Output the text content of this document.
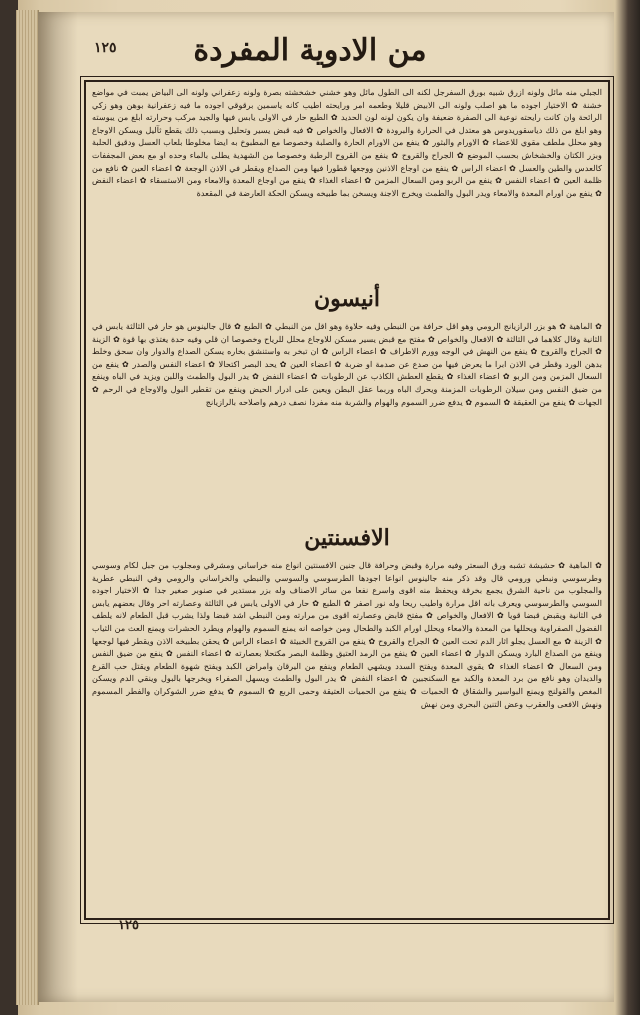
١٢٥	من الادوية المفردة

الجبلي منه مائل ولونه ازرق شبيه بورق السفرجل لكنه الى الطول مائل وهو خشني خشخشته بصرة ولونه زعفراني ولونه الى البياض يمبت في مواضع خشنة ✿ الاختيار اجوده ما هو اصلب ولونه الى الابيض قليلا وطعمه امر ورايحته اطيب كانه ياسمين برقوقي اجوده ما فيه زعفرانية بوهن وهو زكي الرائحة وان كانت رايحته نوعية الى الصفرة ضعيفة وان يكون لونه لون الحديد ✿ الطبع حار في الاولى يابس فيها والجيد مركب وحرارته ابلغ من يبوسته وهو ابلغ من ذلك دياسقوريدوس هو معتدل في الحرارة والبرودة ✿ الافعال والخواص ✿ فيه قبض يسير وتحليل وبسبب ذلك يقطع ثآليل ويسكن الاوجاع وهو محلل ملطف مقوي للاعضاء ✿ الاورام والبثور ✿ ينفع من الاورام الحارة والصلبة وخصوصا مع المطبوخ به ايضا مخلوطا بلعاب العسل ودقيق الحلبة وبزر الكتان والخشخاش بحسب الموضع ✿ الجراح والقروح ✿ ينفع من القروح الرطبة وخصوصا من الشهدية يطلى بالماء وحده او مع بعض المجففات كالعدس والطين والعسل ✿ اعضاء الراس ✿ ينفع من اوجاع الاذنين ووجعها قطورا فيها ومن الصداع ويقطر في الاذن الوجعة ✿ اعضاء العين ✿ نافع من ظلمة العين ✿ اعضاء النفس ✿ ينفع من الربو ومن السعال المزمن ✿ اعضاء الغذاء ✿ ينفع من اوجاع المعدة والامعاء ومن الاستسقاء ✿ اعضاء النفض ✿ ينفع من اورام المعدة والامعاء ويدر البول والطمث ويخرج الاجنة ويسخن بما طبيخه ويسكن الحكة العارضة في المقعدة

أنيسون

✿ الماهية ✿ هو بزر الرازيانج الرومي وهو اقل حرافة من النبطي وفيه حلاوة وهو اقل من النبطي ✿ الطبع ✿ قال جالينوس هو حار في الثالثة يابس في الثانية وقال كلاهما في الثالثة ✿ الافعال والخواص ✿ مفتح مع قبض يسير مسكن للاوجاع محلل للرياح وخصوصا ان قلي وفيه حدة يغتذي بها قوة ✿ الزينة ✿ الجراح والقروح ✿ ينفع من النهش في الوجه وورم الاطراف ✿ اعضاء الراس ✿ ان تبخر به واستنشق بخاره يسكن الصداع والدوار وان سحق وخلط بدهن الورد وقطر في الاذن ابرا ما يعرض فيها من صدع عن صدمة او ضربة ✿ اعضاء العين ✿ يحد البصر اكتحالا ✿ اعضاء النفس والصدر ✿ ينفع من السعال المزمن ومن الربو ✿ اعضاء الغذاء ✿ يقطع العطش الكاذب عن الرطوبات ✿ اعضاء النفض ✿ يدر البول والطمث واللبن ويزيد في الباه وينفع من ضيق النفس ومن سيلان الرطوبات المزمنة ويحرك الباه وربما عقل البطن ويعين على ادرار الحيض وينفع من تقطير البول والاوجاع في الرحم ✿ الجهات ✿ ينفع من العقيقة ✿ السموم ✿ يدفع ضرر السموم والهوام والشربة منه مفردا نصف درهم واصلاحه بالرازيانج

الافسنتين

✿ الماهية ✿ حشيشة تشبه ورق السعتر وفيه مرارة وقبض وحرافة قال جنين الافسنتين انواع منه خراساني ومشرقي ومجلوب من جبل لكام وسوسي وطرسوسي ونبطي ورومي قال وقد ذكر منه جالينوس انواعا اجودها الطرسوسي والسوسي والنبطي والخراساني والرومي وفي النبطي عطرية والمجلوب من ناحية الشرق يجمع بخرقة ويحفظ منه اقوى واسرع نفعا من سائر الاصناف وله بزر مستدير في صنوبر صغير جدا ✿ الاختيار اجوده السوسي والطرسوسي ويعرف بانه اقل مرارة واطيب ريحا وله نور اصفر ✿ الطبع ✿ حار في الاولى يابس في الثالثة وعصارته احر وقال بعضهم يابس في الثانية ويقبض قبضا قويا ✿ الافعال والخواص ✿ مفتح قابض وعصارته اقوى من مرارته ومن النبطي اشد قبضا ولذا يشرب قبل الطعام لانه يلطف الفضول الصفراوية ويحللها من المعدة والامعاء ويحلل اورام الكبد والطحال ومن خواصه انه يمنع السموم والهوام ويطرد الحشرات ويمنع العث من الثياب ✿ الزينة ✿ مع العسل يجلو اثار الدم تحت العين ✿ الجراح والقروح ✿ ينفع من القروح الخبيثة ✿ اعضاء الراس ✿ يحقن بطبيخه الاذن ويقطر فيها لوجعها وينفع من الصداع البارد ويسكن الدوار ✿ اعضاء العين ✿ ينفع من الرمد العتيق وظلمة البصر مكتحلا بعصارته ✿ اعضاء النفس ✿ ينفع من ضيق النفس ومن السعال ✿ اعضاء الغذاء ✿ يقوي المعدة ويفتح السدد ويشهي الطعام وينفع من اليرقان وامراض الكبد ويفتح شهوة الطعام ويقتل حب القرع والديدان وهو نافع من برد المعدة والكبد مع السكنجبين ✿ اعضاء النفض ✿ يدر البول والطمث ويسهل الصفراء ويخرجها بالبول وينقي الدم ويسكن المغص والقولنج ويمنع البواسير والشقاق ✿ الحميات ✿ ينفع من الحميات العتيقة وحمى الربع ✿ السموم ✿ يدفع ضرر الشوكران والفطر المسموم ونهش الافعى والعقرب وعض التنين البحري ومن نهش

١٢٥
